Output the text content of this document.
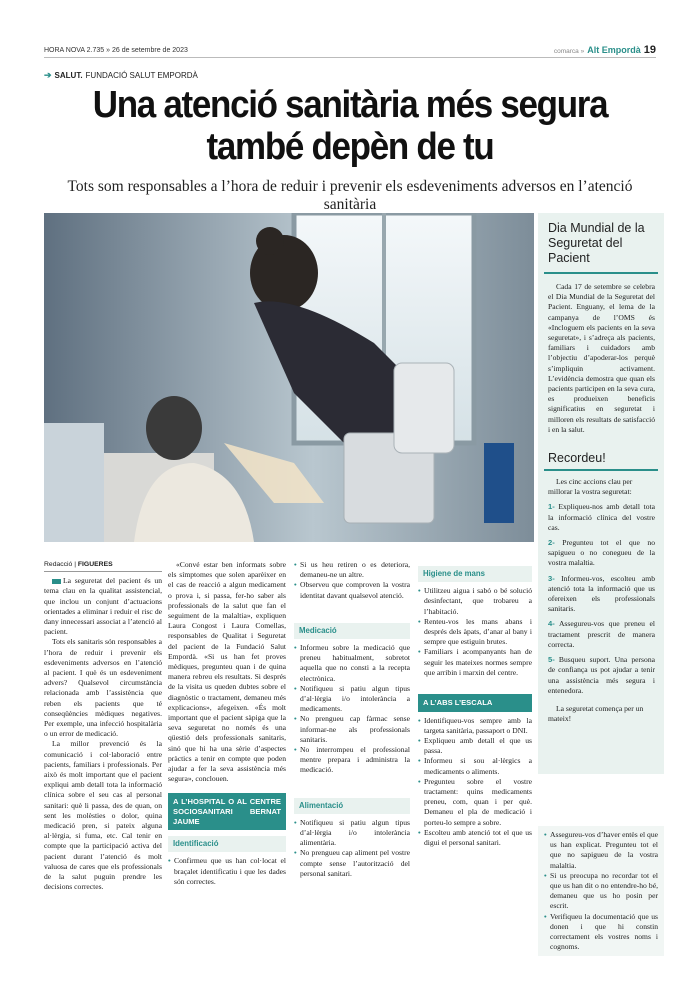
HORA NOVA 2.735 » 26 de setembre de 2023	comarca » Alt Empordà 19
➔ SALUT. FUNDACIÓ SALUT EMPORDÀ
Una atenció sanitària més segura
també depèn de tu
Tots som responsables a l’hora de reduir i prevenir els esdeveniments adversos en l’atenció sanitària
Dia Mundial de la Seguretat del Pacient
Cada 17 de setembre se celebra el Dia Mundial de la Seguretat del Pacient. Enguany, el lema de la campanya de l’OMS és «Incloguem els pacients en la seva seguretat», i s’adreça als pacients, familiars i cuidadors amb l’objectiu d’apoderar-los perquè s’impliquin activament. L’evidència demostra que quan els pacients participen en la seva cura, es produeixen beneficis significatius en seguretat i milloren els resultats de satisfacció i en la salut.
Recordeu!
Les cinc accions clau per millorar la vostra seguretat:
1- Expliqueu-nos amb detall tota la informació clínica del vostre cas.
2- Pregunteu tot el que no sapigueu o no conegueu de la vostra malaltia.
3- Informeu-vos, escolteu amb atenció tota la informació que us ofereixen els professionals sanitaris.
4- Assegureu-vos que preneu el tractament prescrit de manera correcta.
5- Busqueu suport. Una persona de confiança us pot ajudar a tenir una assistència més segura i entenedora.
La seguretat comença per un mateix!
Redacció | FIGUERES

La seguretat del pacient és un tema clau en la qualitat assistencial, que inclou un conjunt d’actuacions orientades a eliminar i reduir el risc de dany innecessari associat a l’atenció al pacient.

Tots els sanitaris són responsables a l’hora de reduir i prevenir els esdeveniments adversos en l’atenció al pacient. I què és un esdeveniment advers? Qualsevol circumstància relacionada amb l’assistència que reben els pacients que té conseqüències mèdiques negatives. Per exemple, una infecció hospitalària o un error de medicació.

La millor prevenció és la comunicació i col·laboració entre pacients, familiars i professionals. Per això és molt important que el pacient expliqui amb detall tota la informació clínica sobre el seu cas al personal sanitari: què li passa, des de quan, on sent les molèsties o dolor, quina medicació pren, si pateix alguna al·lèrgia, si fuma, etc. Cal tenir en compte que la participació activa del pacient durant l’atenció és molt valuosa de cares que els professionals de la salut puguin prendre les decisions correctes.

«Convé estar ben informats sobre els símptomes que solen aparèixer en el cas de reacció a algun medicament o prova i, si passa, fer-ho saber als professionals de la salut que fan el seguiment de la malaltia», expliquen Laura Congost i Laura Comellas, responsables de Qualitat i Seguretat del pacient de la Fundació Salut Empordà. «Si us han fet proves mèdiques, pregunteu quan i de quina manera rebreu els resultats. Si després de la visita us queden dubtes sobre el diagnòstic o tractament, demaneu més explicacions», afegeixen. «És molt important que el pacient sàpiga que la seva seguretat no només és una qüestió dels professionals sanitaris, sinó que hi ha una sèrie d’aspectes pràctics a tenir en compte que poden ajudar a fer la seva assistència més segura», conclouen.

A L’HOSPITAL O AL CENTRE SOCIOSANITARI BERNAT JAUME
Identificació
• Confirmeu que us han col·locat el braçalet identificatiu i que les dades són correctes.
• Si us heu retiren o es deteriora, demaneu-ne un altre.
• Observeu que comproven la vostra identitat davant qualsevol atenció.
Medicació
• Informeu sobre la medicació que preneu habitualment, sobretot aquella que no consti a la recepta electrònica.
• Notifiqueu si patiu algun tipus d’al·lèrgia i/o intolerància a medicaments.
• No prengueu cap fàrmac sense informar-ne als professionals sanitaris.
• No interrompeu el professional mentre prepara i administra la medicació.
Alimentació
• Notifiqueu si patiu algun tipus d’al·lèrgia i/o intolerància alimentària.
• No prengueu cap aliment pel vostre compte sense l’autorització del personal sanitari.
Higiene de mans
• Utilitzeu aigua i sabó o bé solució desinfectant, que trobareu a l’habitació.
• Renteu-vos les mans abans i després dels àpats, d’anar al bany i sempre que estiguin brutes.
• Familiars i acompanyants han de seguir les mateixes normes sempre que arribin i marxin del centre.
A L’ABS L’ESCALA
• Identifiqueu-vos sempre amb la targeta sanitària, passaport o DNI.
• Expliqueu amb detall el que us passa.
• Informeu si sou al·lèrgics a medicaments o aliments.
• Pregunteu sobre el vostre tractament: quins medicaments preneu, com, quan i per què. Demaneu el pla de medicació i porteu-lo sempre a sobre.
• Escolteu amb atenció tot el que us digui el personal sanitari.
• Assegureu-vos d’haver entès el que us han explicat. Pregunteu tot el que no sapigueu de la vostra malaltia.
• Si us preocupa no recordar tot el que us han dit o no entendre-ho bé, demaneu que us ho posin per escrit.
• Verifiqueu la documentació que us donen i que hi constin correctament els vostres noms i cognoms.
